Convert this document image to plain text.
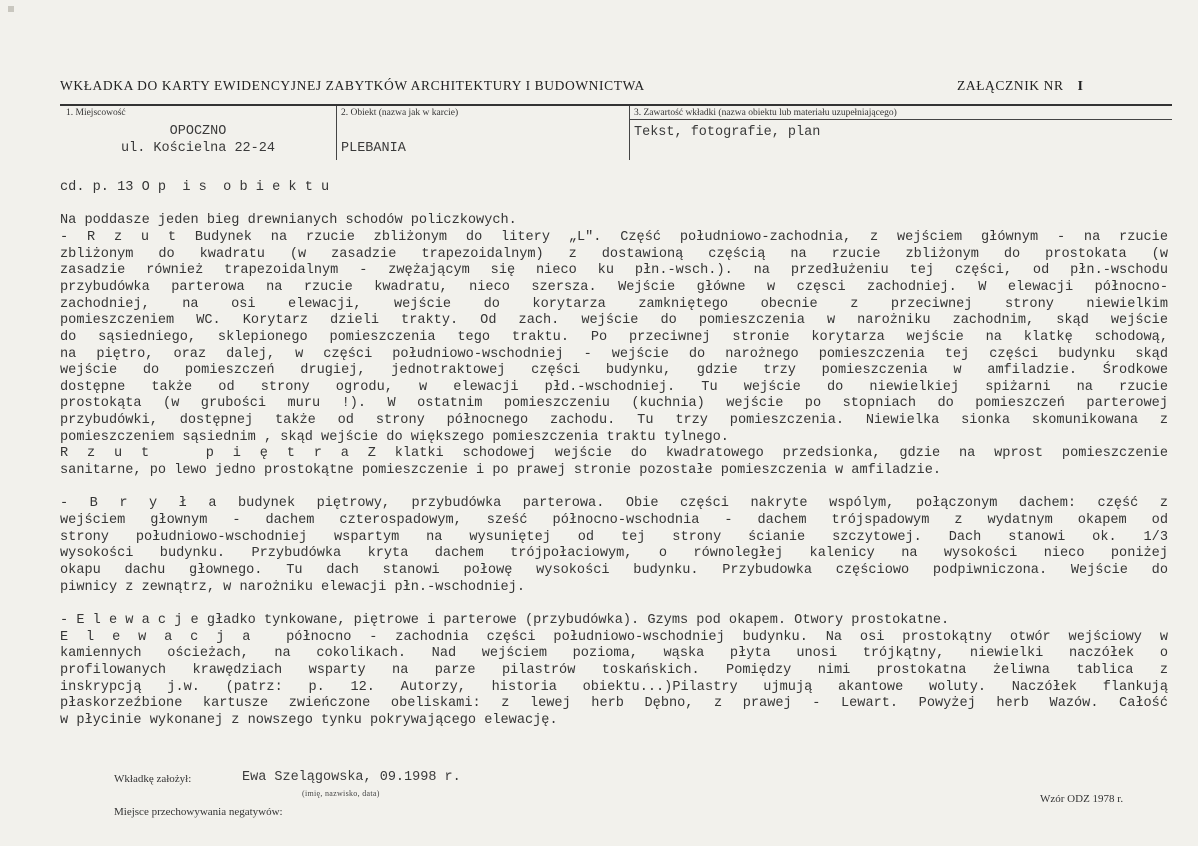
WKŁADKA DO KARTY EWIDENCYJNEJ ZABYTKÓW ARCHITEKTURY I BUDOWNICTWA	ZAŁĄCZNIK NR I
1. Miejscowość
OPOCZNO
ul. Kościelna 22-24
2. Obiekt (nazwa jak w karcie)
PLEBANIA
3. Zawartość wkładki (nazwa obiektu lub materiału uzupełniającego)
Tekst, fotografie, plan
cd. p. 13 O p  i s  o b i e k t u
Na poddasze jeden bieg drewnianych schodów policzkowych.
- R z u t Budynek na rzucie zbliżonym do litery „L". Część południowo-zachodnia, z wejściem głównym - na rzucie
zbliżonym do kwadratu (w zasadzie trapezoidalnym) z dostawioną częścią na rzucie zbliżonym do prostokata (w
zasadzie również trapezoidalnym - zwężającym się nieco ku płn.-wsch.). na przedłużeniu tej części, od płn.-wschodu
przybudówka parterowa na rzucie kwadratu, nieco szersza. Wejście główne w częsci zachodniej. W elewacji północno-
zachodniej, na osi elewacji, wejście do korytarza zamkniętego obecnie z przeciwnej strony niewielkim
pomieszczeniem WC. Korytarz dzieli trakty. Od zach. wejście do pomieszczenia w narożniku zachodnim, skąd wejście
do sąsiedniego, sklepionego pomieszczenia tego traktu. Po przeciwnej stronie korytarza wejście na klatkę schodową,
na piętro, oraz dalej, w części południowo-wschodniej - wejście do narożnego pomieszczenia tej części budynku skąd
wejście do pomieszczeń drugiej, jednotraktowej części budynku, gdzie trzy pomieszczenia w amfiladzie. Środkowe
dostępne także od strony ogrodu, w elewacji płd.-wschodniej. Tu wejście do niewielkiej spiżarni na rzucie
prostokąta (w grubości muru !). W ostatnim pomieszczeniu (kuchnia) wejście po stopniach do pomieszczeń parterowej
przybudówki, dostępnej także od strony północnego zachodu. Tu trzy pomieszczenia. Niewielka sionka skomunikowana z
pomieszczeniem sąsiednim , skąd wejście do większego pomieszczenia traktu tylnego.
R z u t   p i ę t r a Z klatki schodowej wejście do kwadratowego przedsionka, gdzie na wprost pomieszczenie
sanitarne, po lewo jedno prostokątne pomieszczenie i po prawej stronie pozostałe pomieszczenia w amfiladzie.
- B r y ł a budynek piętrowy, przybudówka parterowa. Obie części nakryte wspólym, połączonym dachem: część z
wejściem głownym - dachem czterospadowym, sześć północno-wschodnia - dachem trójspadowym z wydatnym okapem od
strony południowo-wschodniej wspartym na wysuniętej od tej strony ścianie szczytowej. Dach stanowi ok. 1/3
wysokości budynku. Przybudówka kryta dachem trójpołaciowym, o równoległej kalenicy na wysokości nieco poniżej
okapu dachu głownego. Tu dach stanowi połowę wysokości budynku. Przybudowka częściowo podpiwniczona. Wejście do
piwnicy z zewnątrz, w narożniku elewacji płn.-wschodniej.
- E l e w a c j e gładko tynkowane, piętrowe i parterowe (przybudówka). Gzyms pod okapem. Otwory prostokatne.
E l e w a c j a  północno - zachodnia części południowo-wschodniej budynku. Na osi prostokątny otwór wejściowy w
kamiennych ościeżach, na cokolikach. Nad wejściem pozioma, wąska płyta unosi trójkątny, niewielki naczółek o
profilowanych krawędziach wsparty na parze pilastrów toskańskich. Pomiędzy nimi prostokatna żeliwna tablica z
inskrypcją j.w. (patrz: p. 12. Autorzy, historia obiektu...)Pilastry ujmują akantowe woluty. Naczółek flankują
płaskorzeźbione kartusze zwieńczone obeliskami: z lewej herb Dębno, z prawej - Lewart. Powyżej herb Wazów. Całość
w płycinie wykonanej z nowszego tynku pokrywającego elewację.
Wkładkę założył:	Ewa Szelągowska, 09.1998 r.
(imię, nazwisko, data)
Miejsce przechowywania negatywów:
Wzór ODZ 1978 r.
